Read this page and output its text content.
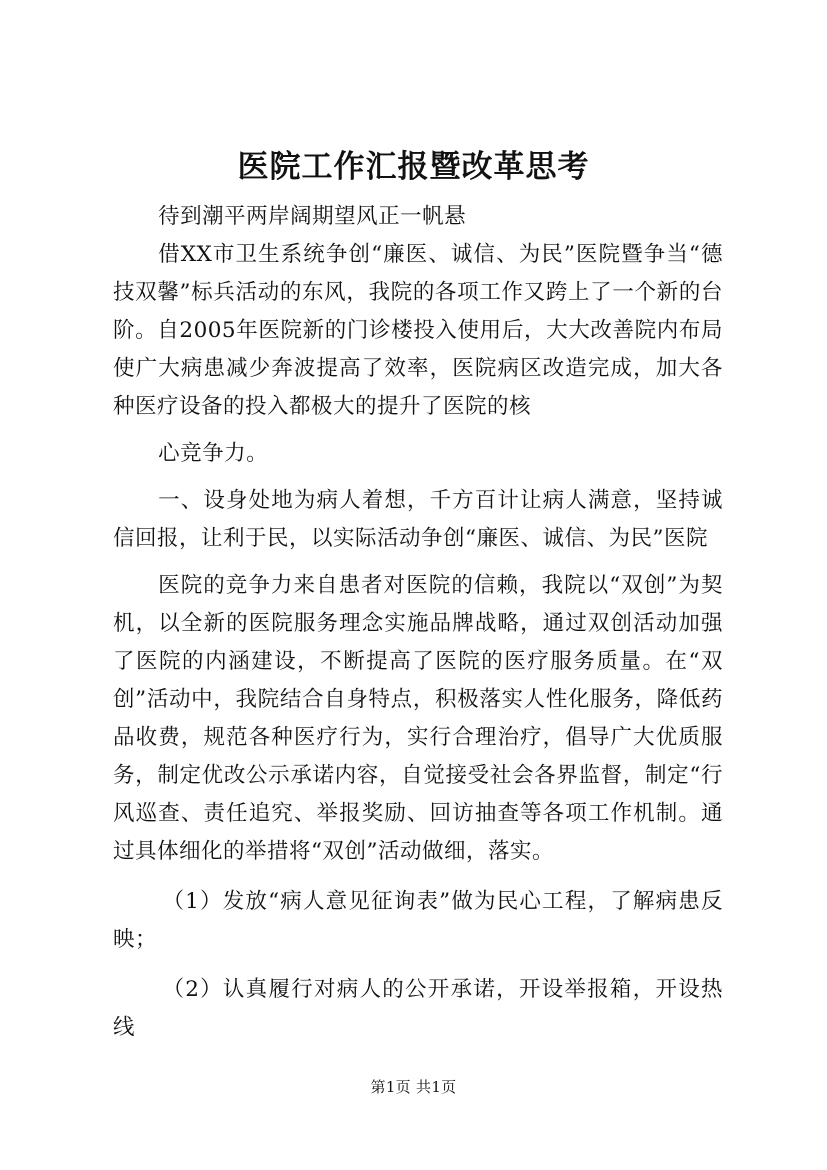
医院工作汇报暨改革思考

待到潮平两岸阔期望风正一帆悬

借XX市卫生系统争创“廉医、诚信、为民”医院暨争当“德技双馨”标兵活动的东风，我院的各项工作又跨上了一个新的台阶。自2005年医院新的门诊楼投入使用后，大大改善院内布局使广大病患减少奔波提高了效率，医院病区改造完成，加大各种医疗设备的投入都极大的提升了医院的核

心竞争力。

一、设身处地为病人着想，千方百计让病人满意，坚持诚信回报，让利于民，以实际活动争创“廉医、诚信、为民”医院

医院的竞争力来自患者对医院的信赖，我院以“双创”为契机，以全新的医院服务理念实施品牌战略，通过双创活动加强了医院的内涵建设，不断提高了医院的医疗服务质量。在“双创”活动中，我院结合自身特点，积极落实人性化服务，降低药品收费，规范各种医疗行为，实行合理治疗，倡导广大优质服务，制定优改公示承诺内容，自觉接受社会各界监督，制定“行风巡查、责任追究、举报奖励、回访抽查等各项工作机制。通过具体细化的举措将“双创”活动做细，落实。

（1）发放“病人意见征询表”做为民心工程，了解病患反映；

（2）认真履行对病人的公开承诺，开设举报箱，开设热线

第1页 共1页
